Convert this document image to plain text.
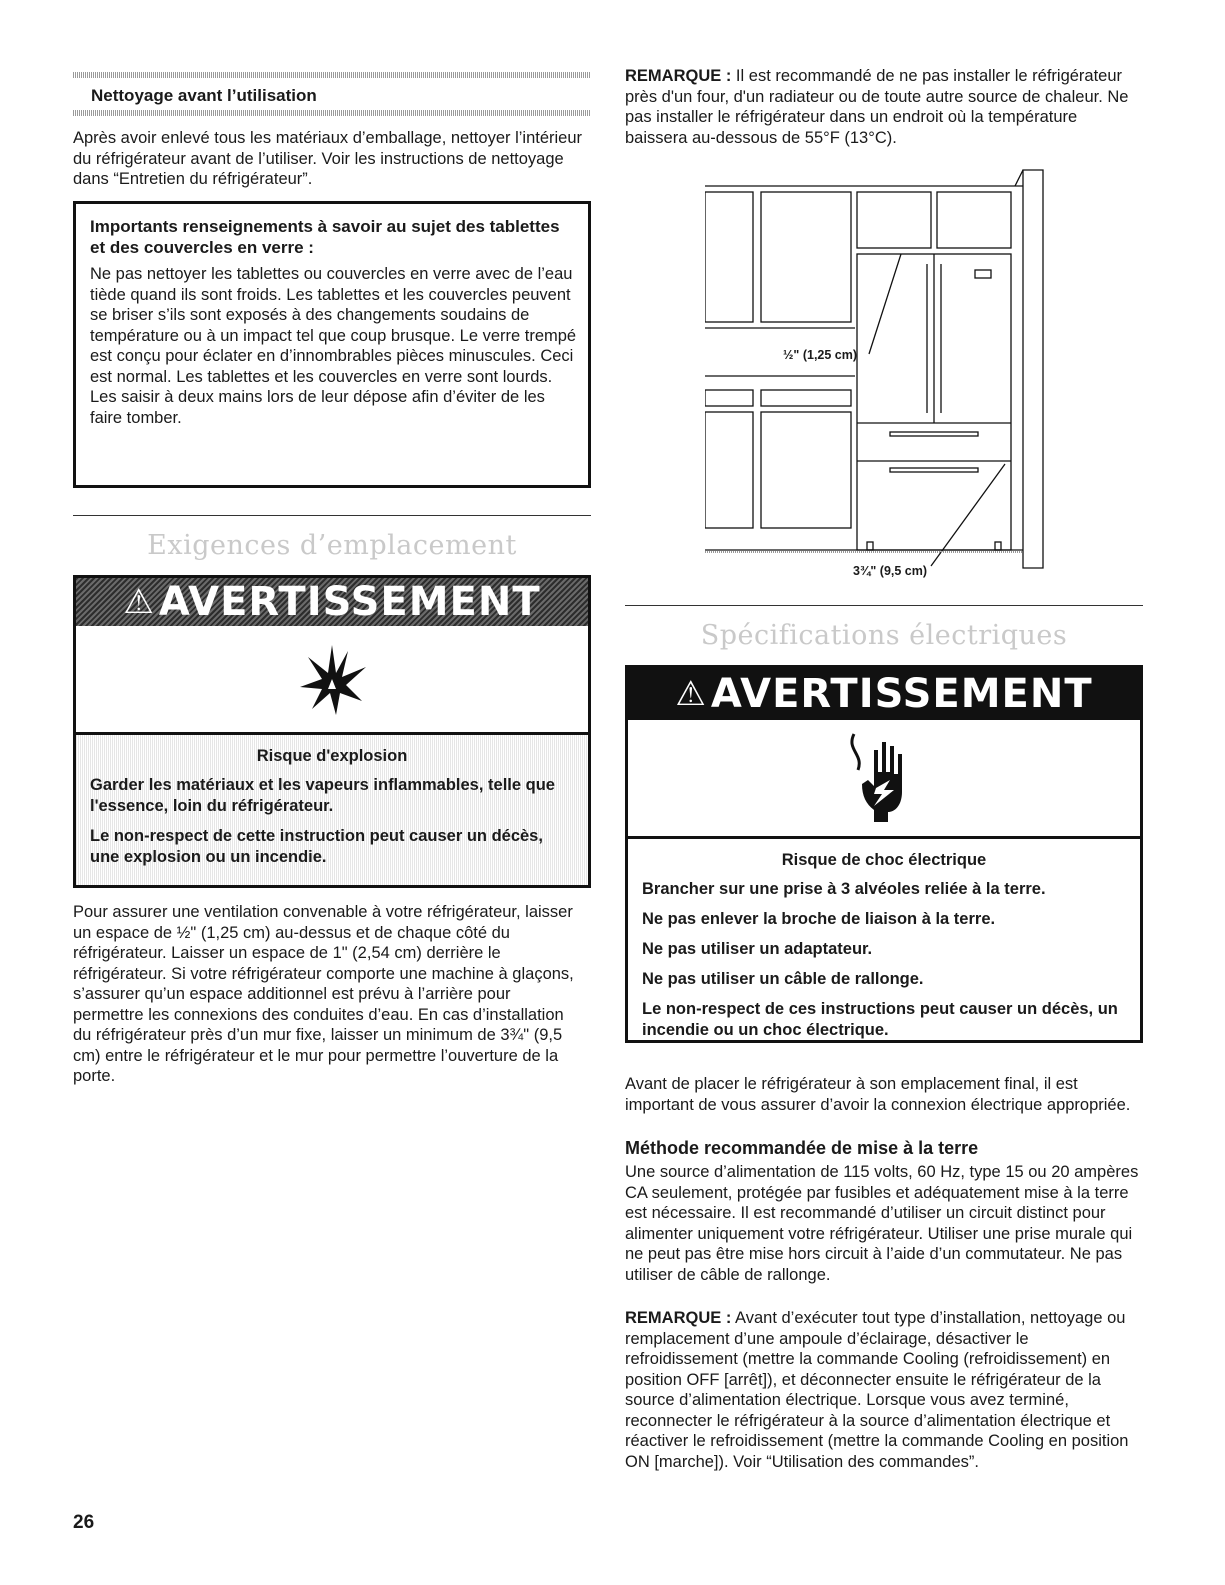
Nettoyage avant l’utilisation

Après avoir enlevé tous les matériaux d’emballage, nettoyer l’intérieur du réfrigérateur avant de l’utiliser. Voir les instructions de nettoyage dans “Entretien du réfrigérateur”.

Importants renseignements à savoir au sujet des tablettes et des couvercles en verre :

Ne pas nettoyer les tablettes ou couvercles en verre avec de l’eau tiède quand ils sont froids. Les tablettes et les couvercles peuvent se briser s’ils sont exposés à des changements soudains de température ou à un impact tel que coup brusque. Le verre trempé est conçu pour éclater en d’innombrables pièces minuscules. Ceci est normal. Les tablettes et les couvercles en verre sont lourds. Les saisir à deux mains lors de leur dépose afin d’éviter de les faire tomber.

Exigences d’emplacement
⚠ AVERTISSEMENT
Risque d'explosion
Garder les matériaux et les vapeurs inflammables, telle que l'essence, loin du réfrigérateur.
Le non-respect de cette instruction peut causer un décès, une explosion ou un incendie.

Pour assurer une ventilation convenable à votre réfrigérateur, laisser un espace de ½" (1,25 cm) au-dessus et de chaque côté du réfrigérateur. Laisser un espace de 1" (2,54 cm) derrière le réfrigérateur. Si votre réfrigérateur comporte une machine à glaçons, s’assurer qu’un espace additionnel est prévu à l’arrière pour permettre les connexions des conduites d’eau. En cas d’installation du réfrigérateur près d’un mur fixe, laisser un minimum de 3¾" (9,5 cm) entre le réfrigérateur et le mur pour permettre l’ouverture de la porte.

26

REMARQUE : Il est recommandé de ne pas installer le réfrigérateur près d'un four, d'un radiateur ou de toute autre source de chaleur. Ne pas installer le réfrigérateur dans un endroit où la température baissera au-dessous de 55°F (13°C).

½" (1,25 cm)
3¾" (9,5 cm)
Spécifications électriques
⚠ AVERTISSEMENT
Risque de choc électrique
Brancher sur une prise à 3 alvéoles reliée à la terre.
Ne pas enlever la broche de liaison à la terre.
Ne pas utiliser un adaptateur.
Ne pas utiliser un câble de rallonge.
Le non-respect de ces instructions peut causer un décès, un incendie ou un choc électrique.

Avant de placer le réfrigérateur à son emplacement final, il est important de vous assurer d’avoir la connexion électrique appropriée.

Méthode recommandée de mise à la terre

Une source d’alimentation de 115 volts, 60 Hz, type 15 ou 20 ampères CA seulement, protégée par fusibles et adéquatement mise à la terre est nécessaire. Il est recommandé d’utiliser un circuit distinct pour alimenter uniquement votre réfrigérateur. Utiliser une prise murale qui ne peut pas être mise hors circuit à l’aide d’un commutateur. Ne pas utiliser de câble de rallonge.

REMARQUE : Avant d’exécuter tout type d’installation, nettoyage ou remplacement d’une ampoule d’éclairage, désactiver le refroidissement (mettre la commande Cooling (refroidissement) en position OFF [arrêt]), et déconnecter ensuite le réfrigérateur de la source d’alimentation électrique. Lorsque vous avez terminé, reconnecter le réfrigérateur à la source d’alimentation électrique et réactiver le refroidissement (mettre la commande Cooling en position ON [marche]). Voir “Utilisation des commandes”.
